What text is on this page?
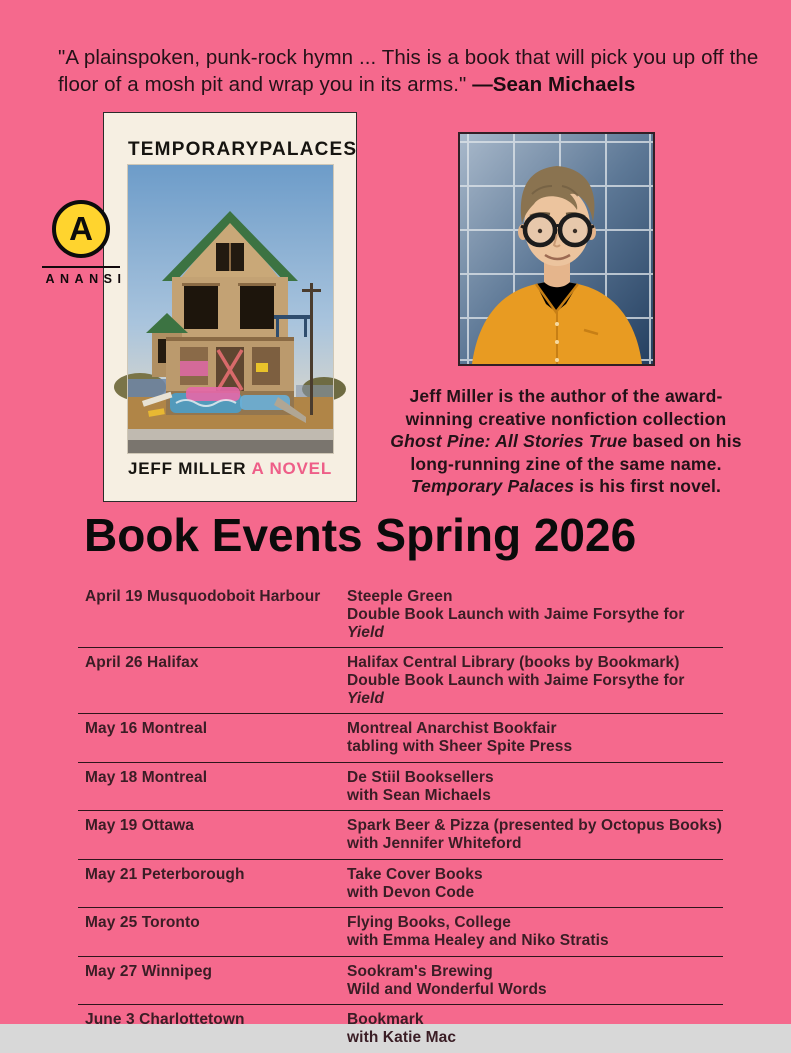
"A plainspoken, punk-rock hymn ... This is a book that will pick you up off the floor of a mosh pit and wrap you in its arms." —Sean Michaels

A
ANANSI
TEMPORARY PALACES
JEFF MILLER A NOVEL

Jeff Miller is the author of the award-winning creative nonfiction collection Ghost Pine: All Stories True based on his long-running zine of the same name. Temporary Palaces is his first novel.

Book Events Spring 2026
April 19 Musquodoboit Harbour	Steeple Green
Double Book Launch with Jaime Forsythe for Yield
April 26 Halifax	Halifax Central Library (books by Bookmark)
Double Book Launch with Jaime Forsythe for Yield
May 16 Montreal	Montreal Anarchist Bookfair
tabling with Sheer Spite Press
May 18 Montreal	De Stiil Booksellers
with Sean Michaels
May 19 Ottawa	Spark Beer & Pizza (presented by Octopus Books)
with Jennifer Whiteford
May 21 Peterborough	Take Cover Books
with Devon Code
May 25 Toronto	Flying Books, College
with Emma Healey and Niko Stratis
May 27 Winnipeg	Sookram's Brewing
Wild and Wonderful Words
June 3 Charlottetown	Bookmark
with Katie Mac
